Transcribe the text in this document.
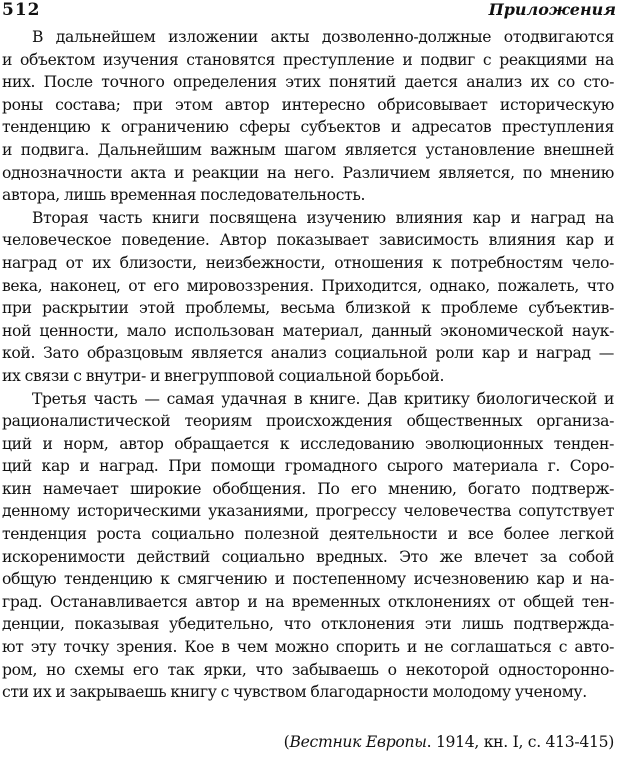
512	Приложения

В дальнейшем изложении акты дозволенно-должные отодвигаются
и объектом изучения становятся преступление и подвиг с реакциями на
них. После точного определения этих понятий дается анализ их со сто-
роны состава; при этом автор интересно обрисовывает историческую
тенденцию к ограничению сферы субъектов и адресатов преступления
и подвига. Дальнейшим важным шагом является установление внешней
однозначности акта и реакции на него. Различием является, по мнению
автора, лишь временная последовательность.

Вторая часть книги посвящена изучению влияния кар и наград на
человеческое поведение. Автор показывает зависимость влияния кар и
наград от их близости, неизбежности, отношения к потребностям чело-
века, наконец, от его мировоззрения. Приходится, однако, пожалеть, что
при раскрытии этой проблемы, весьма близкой к проблеме субъектив-
ной ценности, мало использован материал, данный экономической наук-
кой. Зато образцовым является анализ социальной роли кар и наград —
их связи с внутри- и внегрупповой социальной борьбой.

Третья часть — самая удачная в книге. Дав критику биологической и
рационалистической теориям происхождения общественных организа-
ций и норм, автор обращается к исследованию эволюционных тенден-
ций кар и наград. При помощи громадного сырого материала г. Соро-
кин намечает широкие обобщения. По его мнению, богато подтверж-
денному историческими указаниями, прогрессу человечества сопутствует
тенденция роста социально полезной деятельности и все более легкой
искоренимости действий социально вредных. Это же влечет за собой
общую тенденцию к смягчению и постепенному исчезновению кар и на-
град. Останавливается автор и на временных отклонениях от общей тен-
денции, показывая убедительно, что отклонения эти лишь подтвержда-
ют эту точку зрения. Кое в чем можно спорить и не соглашаться с авто-
ром, но схемы его так ярки, что забываешь о некоторой односторонно-
сти их и закрываешь книгу с чувством благодарности молодому ученому.

(Вестник Европы. 1914, кн. I, с. 413-415)
